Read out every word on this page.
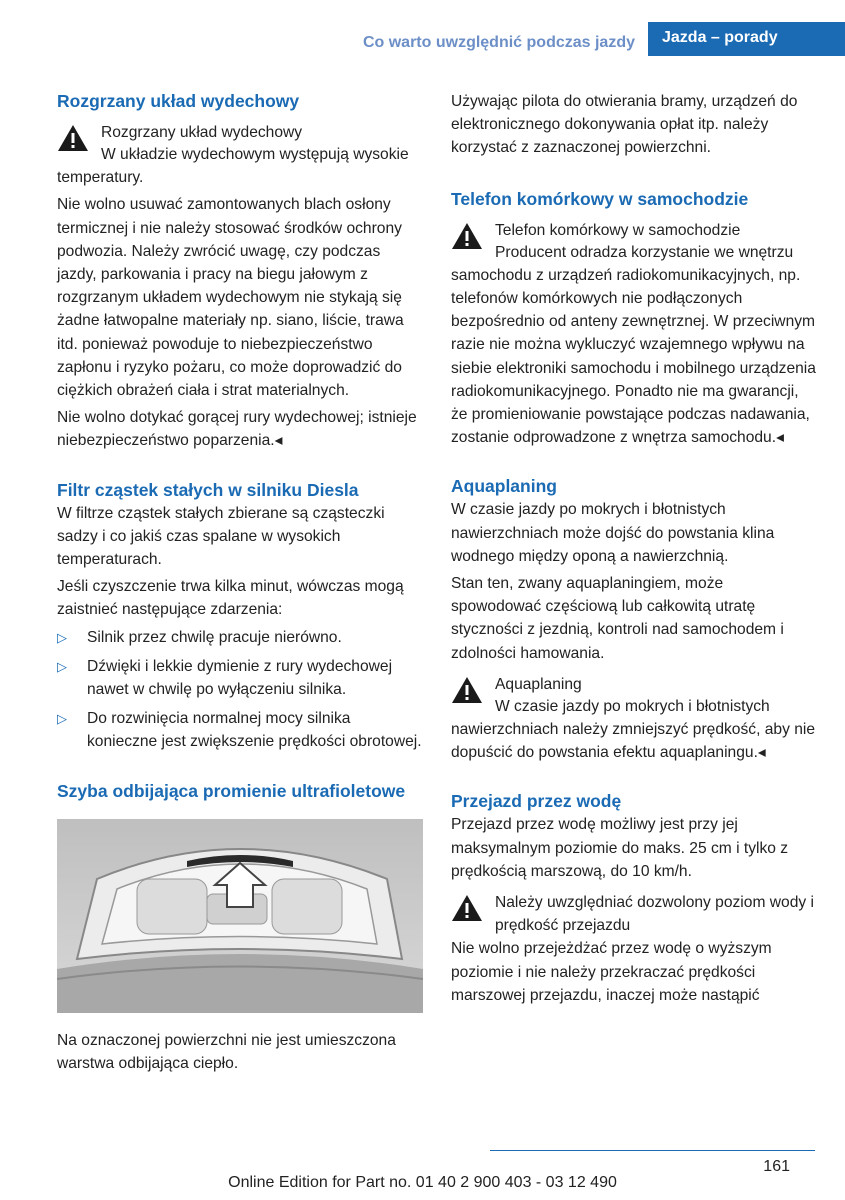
Co warto uwzględnić podczas jazdy	Jazda – porady
Rozgrzany układ wydechowy
Rozgrzany układ wydechowy

W układzie wydechowym występują wysokie temperatury.

Nie wolno usuwać zamontowanych blach osłony termicznej i nie należy stosować środków ochrony podwozia. Należy zwrócić uwagę, czy podczas jazdy, parkowania i pracy na biegu jałowym z rozgrzanym układem wydechowym nie stykają się żadne łatwopalne materiały np. siano, liście, trawa itd. ponieważ powoduje to niebezpieczeństwo zapłonu i ryzyko pożaru, co może doprowadzić do ciężkich obrażeń ciała i strat materialnych.

Nie wolno dotykać gorącej rury wydechowej; istnieje niebezpieczeństwo poparzenia.◂

Filtr cząstek stałych w silniku Diesla

W filtrze cząstek stałych zbierane są cząsteczki sadzy i co jakiś czas spalane w wysokich temperaturach.

Jeśli czyszczenie trwa kilka minut, wówczas mogą zaistnieć następujące zdarzenia:

▷ Silnik przez chwilę pracuje nierówno.
▷ Dźwięki i lekkie dymienie z rury wydechowej nawet w chwilę po wyłączeniu silnika.
▷ Do rozwinięcia normalnej mocy silnika konieczne jest zwiększenie prędkości obrotowej.
Szyba odbijająca promienie ultrafioletowe

Na oznaczonej powierzchni nie jest umieszczona warstwa odbijająca ciepło.

Używając pilota do otwierania bramy, urządzeń do elektronicznego dokonywania opłat itp. należy korzystać z zaznaczonej powierzchni.

Telefon komórkowy w samochodzie
Telefon komórkowy w samochodzie

Producent odradza korzystanie we wnętrzu samochodu z urządzeń radiokomunikacyjnych, np. telefonów komórkowych nie podłączonych bezpośrednio od anteny zewnętrznej. W przeciwnym razie nie można wykluczyć wzajemnego wpływu na siebie elektroniki samochodu i mobilnego urządzenia radiokomunikacyjnego. Ponadto nie ma gwarancji, że promieniowanie powstające podczas nadawania, zostanie odprowadzone z wnętrza samochodu.◂

Aquaplaning

W czasie jazdy po mokrych i błotnistych nawierzchniach może dojść do powstania klina wodnego między oponą a nawierzchnią.

Stan ten, zwany aquaplaningiem, może spowodować częściową lub całkowitą utratę styczności z jezdnią, kontroli nad samochodem i zdolności hamowania.

Aquaplaning

W czasie jazdy po mokrych i błotnistych nawierzchniach należy zmniejszyć prędkość, aby nie dopuścić do powstania efektu aquaplaningu.◂

Przejazd przez wodę

Przejazd przez wodę możliwy jest przy jej maksymalnym poziomie do maks. 25 cm i tylko z prędkością marszową, do 10 km/h.

Należy uwzględniać dozwolony poziom wody i prędkość przejazdu

Nie wolno przejeżdżać przez wodę o wyższym poziomie i nie należy przekraczać prędkości marszowej przejazdu, inaczej może nastąpić

161
Online Edition for Part no. 01 40 2 900 403 - 03 12 490
